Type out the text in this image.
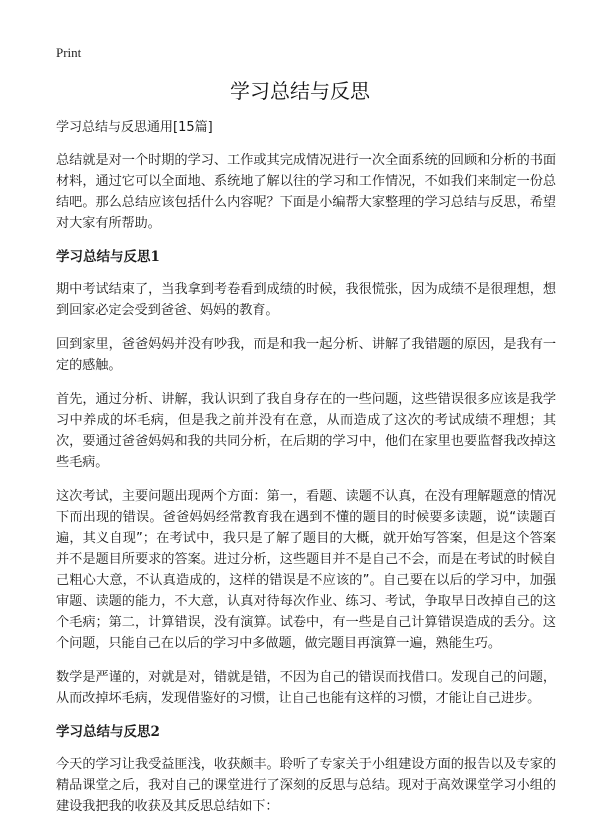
Print
学习总结与反思

学习总结与反思通用[15篇]

总结就是对一个时期的学习、工作或其完成情况进行一次全面系统的回顾和分析的书面材料，通过它可以全面地、系统地了解以往的学习和工作情况，不如我们来制定一份总结吧。那么总结应该包括什么内容呢？下面是小编帮大家整理的学习总结与反思，希望对大家有所帮助。

学习总结与反思1

期中考试结束了，当我拿到考卷看到成绩的时候，我很慌张，因为成绩不是很理想，想到回家必定会受到爸爸、妈妈的教育。

回到家里，爸爸妈妈并没有吵我，而是和我一起分析、讲解了我错题的原因，是我有一定的感触。

首先，通过分析、讲解，我认识到了我自身存在的一些问题，这些错误很多应该是我学习中养成的坏毛病，但是我之前并没有在意，从而造成了这次的考试成绩不理想；其次，要通过爸爸妈妈和我的共同分析，在后期的学习中，他们在家里也要监督我改掉这些毛病。

这次考试，主要问题出现两个方面：第一，看题、读题不认真，在没有理解题意的情况下而出现的错误。爸爸妈妈经常教育我在遇到不懂的题目的时候要多读题，说“读题百遍，其义自现”；在考试中，我只是了解了题目的大概，就开始写答案，但是这个答案并不是题目所要求的答案。进过分析，这些题目并不是自己不会，而是在考试的时候自己粗心大意，不认真造成的，这样的错误是不应该的”。自己要在以后的学习中，加强审题、读题的能力，不大意，认真对待每次作业、练习、考试，争取早日改掉自己的这个毛病；第二，计算错误，没有演算。试卷中，有一些是自己计算错误造成的丢分。这个问题，只能自己在以后的学习中多做题，做完题目再演算一遍，熟能生巧。

数学是严谨的，对就是对，错就是错，不因为自己的错误而找借口。发现自己的问题，从而改掉坏毛病，发现借鉴好的习惯，让自己也能有这样的习惯，才能让自己进步。

学习总结与反思2

今天的学习让我受益匪浅，收获颇丰。聆听了专家关于小组建设方面的报告以及专家的精品课堂之后，我对自己的课堂进行了深刻的反思与总结。现对于高效课堂学习小组的建设我把我的收获及其反思总结如下：
